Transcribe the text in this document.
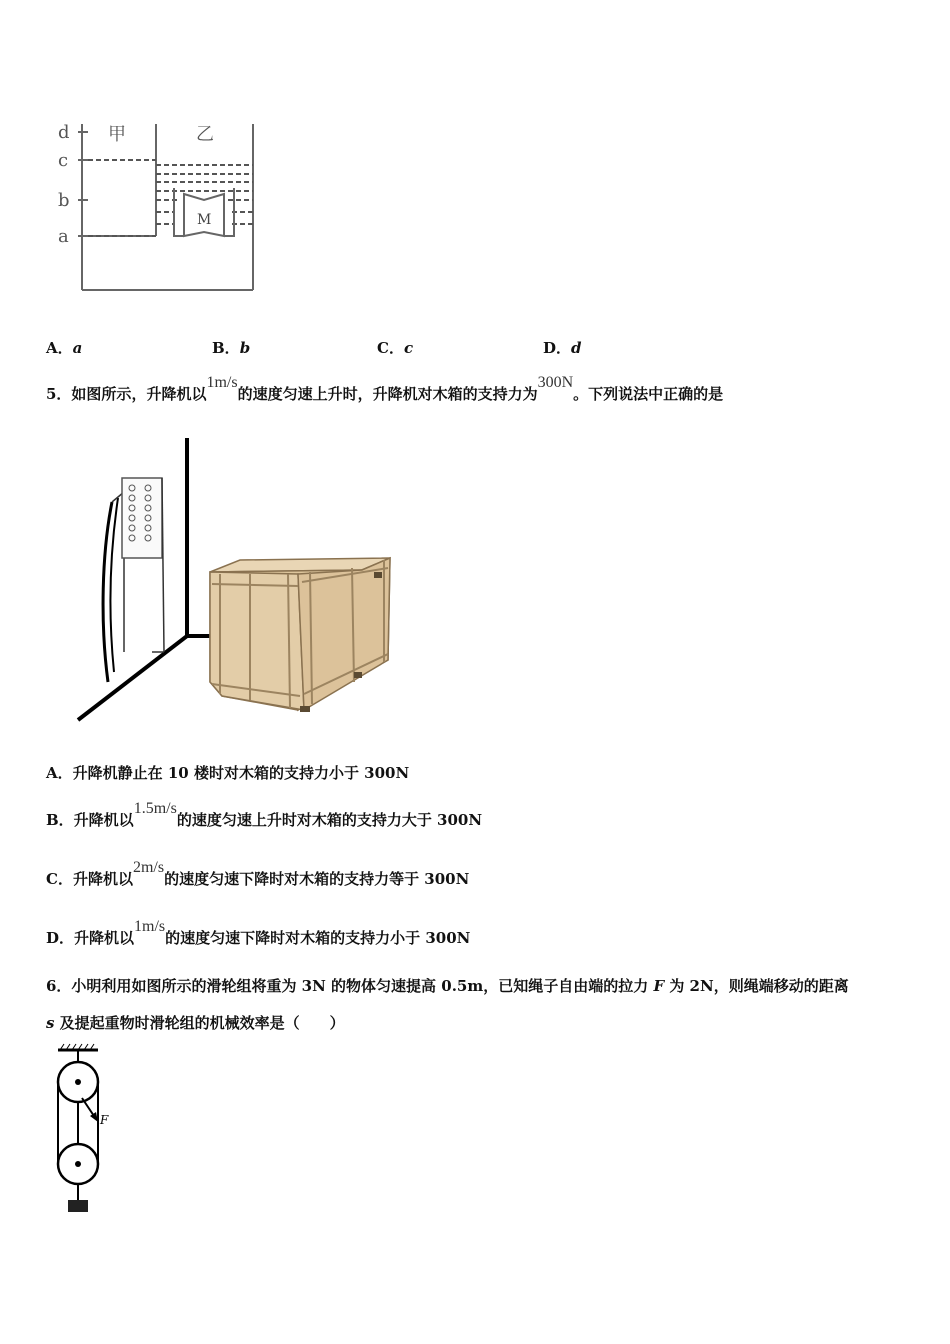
M
d
c
b
a
甲	乙
A．a	B．b	C．c	D．d
5．如图所示，升降机以1m/s的速度匀速上升时，升降机对木箱的支持力为300N。下列说法中正确的是
A．升降机静止在 10 楼时对木箱的支持力小于 300N
B．升降机以1.5m/s的速度匀速上升时对木箱的支持力大于 300N
C．升降机以2m/s的速度匀速下降时对木箱的支持力等于 300N
D．升降机以1m/s的速度匀速下降时对木箱的支持力小于 300N
6．小明利用如图所示的滑轮组将重为 3N 的物体匀速提高 0.5m，已知绳子自由端的拉力 F 为 2N，则绳端移动的距离
s 及提起重物时滑轮组的机械效率是（　　）
F
